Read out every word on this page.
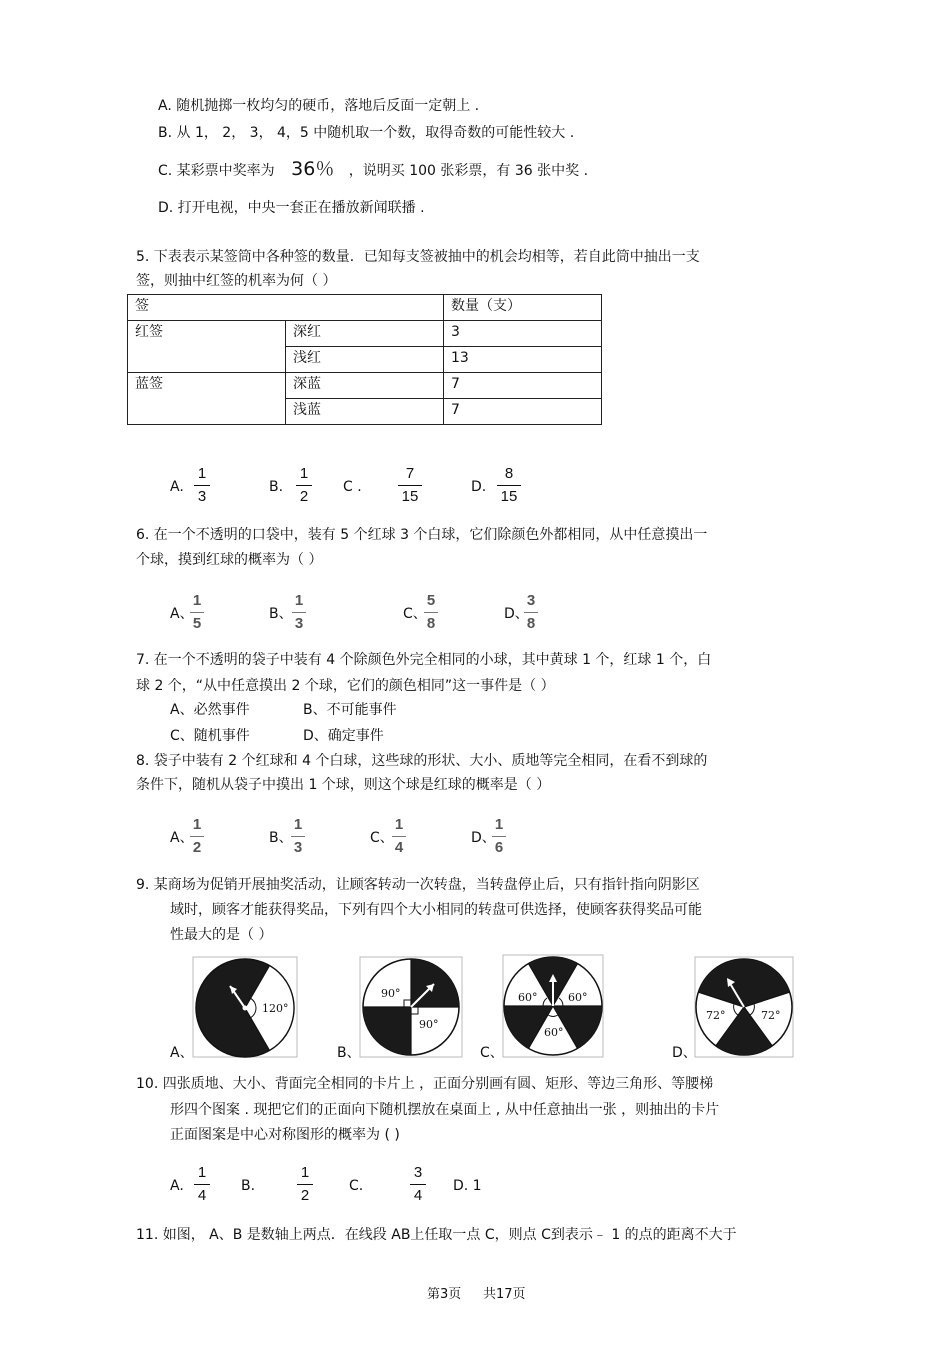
A. 随机抛掷一枚均匀的硬币，落地后反面一定朝上 .
B. 从 1， 2， 3， 4，5 中随机取一个数，取得奇数的可能性较大 .
C. 某彩票中奖率为 36％ ，说明买 100 张彩票，有 36 张中奖 .
D. 打开电视，中央一套正在播放新闻联播 .
5. 下表表示某签筒中各种签的数量．已知每支签被抽中的机会均相等，若自此筒中抽出一支
签，则抽中红签的机率为何（ ）
签		数量（支）
红签	深红	3
	浅红	13
蓝签	深蓝	7
	浅蓝	7
A.
1
3
B.
1
2
C .
7
15
D.
8
15
6. 在一个不透明的口袋中，装有 5 个红球 3 个白球，它们除颜色外都相同，从中任意摸出一
个球，摸到红球的概率为（ ）
A、
1
5
B、
1
3
C、
5
8
D、
3
8
7. 在一个不透明的袋子中装有 4 个除颜色外完全相同的小球，其中黄球 1 个，红球 1 个，白
球 2 个，“从中任意摸出 2 个球，它们的颜色相同”这一事件是（ ）
A、必然事件	B、不可能事件
C、随机事件	D、确定事件
8. 袋子中装有 2 个红球和 4 个白球，这些球的形状、大小、质地等完全相同，在看不到球的
条件下，随机从袋子中摸出 1 个球，则这个球是红球的概率是（ ）
A、
1
2
B、
1
3
C、
1
4
D、
1
6
9. 某商场为促销开展抽奖活动，让顾客转动一次转盘，当转盘停止后，只有指针指向阴影区
域时，顾客才能获得奖品，下列有四个大小相同的转盘可供选择，使顾客获得奖品可能
性最大的是（ ）
120°
A、
90°
90°
B、
60°	60°
60°
C、
72°	72°
D、
10. 四张质地、大小、背面完全相同的卡片上 ，正面分别画有圆、矩形、等边三角形、等腰梯
形四个图案 . 现把它们的正面向下随机摆放在桌面上 , 从中任意抽出一张 ，则抽出的卡片
正面图案是中心对称图形的概率为 ( )
A.
1
4
B.
1
2
C.
3
4
D. 1
11. 如图， A、B 是数轴上两点．在线段 AB上任取一点 C，则点 C到表示﹣ 1 的点的距离不大于
第3页 共17页
